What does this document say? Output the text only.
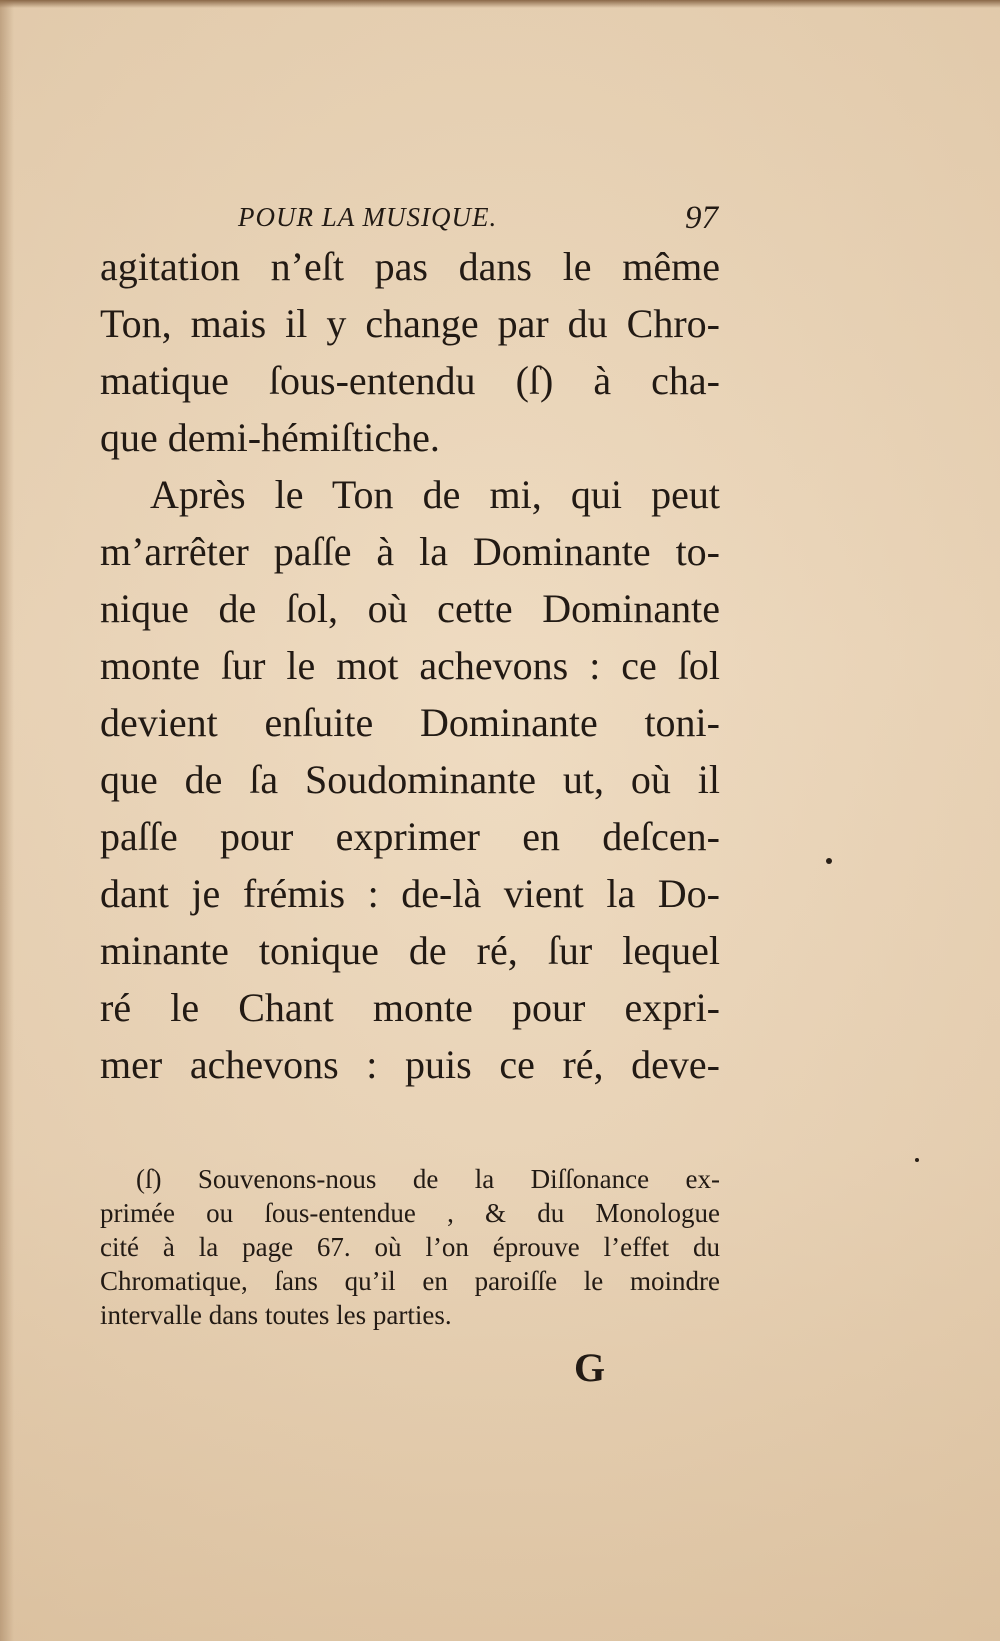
POUR LA MUSIQUE.	97
agitation n’eſt pas dans le même
Ton, mais il y change par du Chro-
matique ſous-entendu (ſ) à cha-
que demi-hémiſtiche.
Après le Ton de mi, qui peut
m’arrêter paſſe à la Dominante to-
nique de ſol, où cette Dominante
monte ſur le mot achevons : ce ſol
devient enſuite Dominante toni-
que de ſa Soudominante ut, où il
paſſe pour exprimer en deſcen-
dant je frémis : de-là vient la Do-
minante tonique de ré, ſur lequel
ré le Chant monte pour expri-
mer achevons : puis ce ré, deve-
(ſ) Souvenons-nous de la Diſſonance ex-
primée ou ſous-entendue , & du Monologue
cité à la page 67. où l’on éprouve l’effet du
Chromatique, ſans qu’il en paroiſſe le moindre
intervalle dans toutes les parties.
G
